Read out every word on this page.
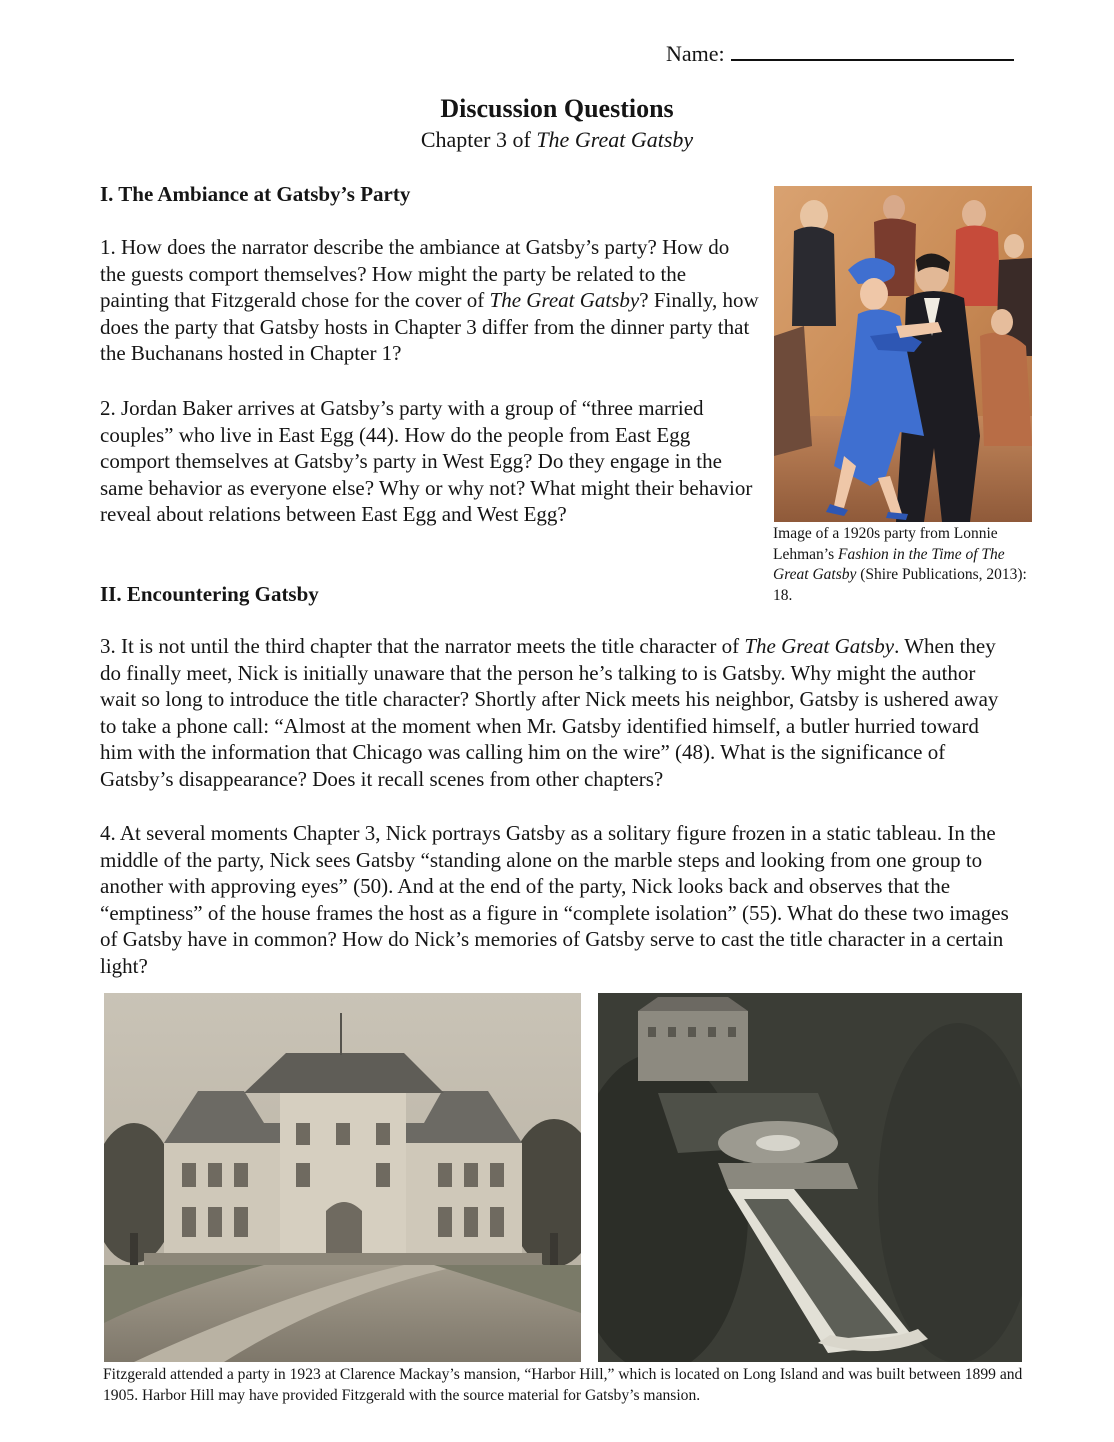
Name:
Discussion Questions
Chapter 3 of The Great Gatsby
I. The Ambiance at Gatsby’s Party
1. How does the narrator describe the ambiance at Gatsby’s party? How do the guests comport themselves? How might the party be related to the painting that Fitzgerald chose for the cover of The Great Gatsby? Finally, how does the party that Gatsby hosts in Chapter 3 differ from the dinner party that the Buchanans hosted in Chapter 1?
2. Jordan Baker arrives at Gatsby’s party with a group of “three married couples” who live in East Egg (44). How do the people from East Egg comport themselves at Gatsby’s party in West Egg? Do they engage in the same behavior as everyone else? Why or why not? What might their behavior reveal about relations between East Egg and West Egg?
Image of a 1920s party from Lonnie Lehman’s Fashion in the Time of The Great Gatsby (Shire Publications, 2013): 18.
II. Encountering Gatsby
3. It is not until the third chapter that the narrator meets the title character of The Great Gatsby. When they do finally meet, Nick is initially unaware that the person he’s talking to is Gatsby. Why might the author wait so long to introduce the title character? Shortly after Nick meets his neighbor, Gatsby is ushered away to take a phone call: “Almost at the moment when Mr. Gatsby identified himself, a butler hurried toward him with the information that Chicago was calling him on the wire” (48). What is the significance of Gatsby’s disappearance? Does it recall scenes from other chapters?
4. At several moments Chapter 3, Nick portrays Gatsby as a solitary figure frozen in a static tableau. In the middle of the party, Nick sees Gatsby “standing alone on the marble steps and looking from one group to another with approving eyes” (50). And at the end of the party, Nick looks back and observes that the “emptiness” of the house frames the host as a figure in “complete isolation” (55). What do these two images of Gatsby have in common? How do Nick’s memories of Gatsby serve to cast the title character in a certain light?
Fitzgerald attended a party in 1923 at Clarence Mackay’s mansion, “Harbor Hill,” which is located on Long Island and was built between 1899 and 1905. Harbor Hill may have provided Fitzgerald with the source material for Gatsby’s mansion.
